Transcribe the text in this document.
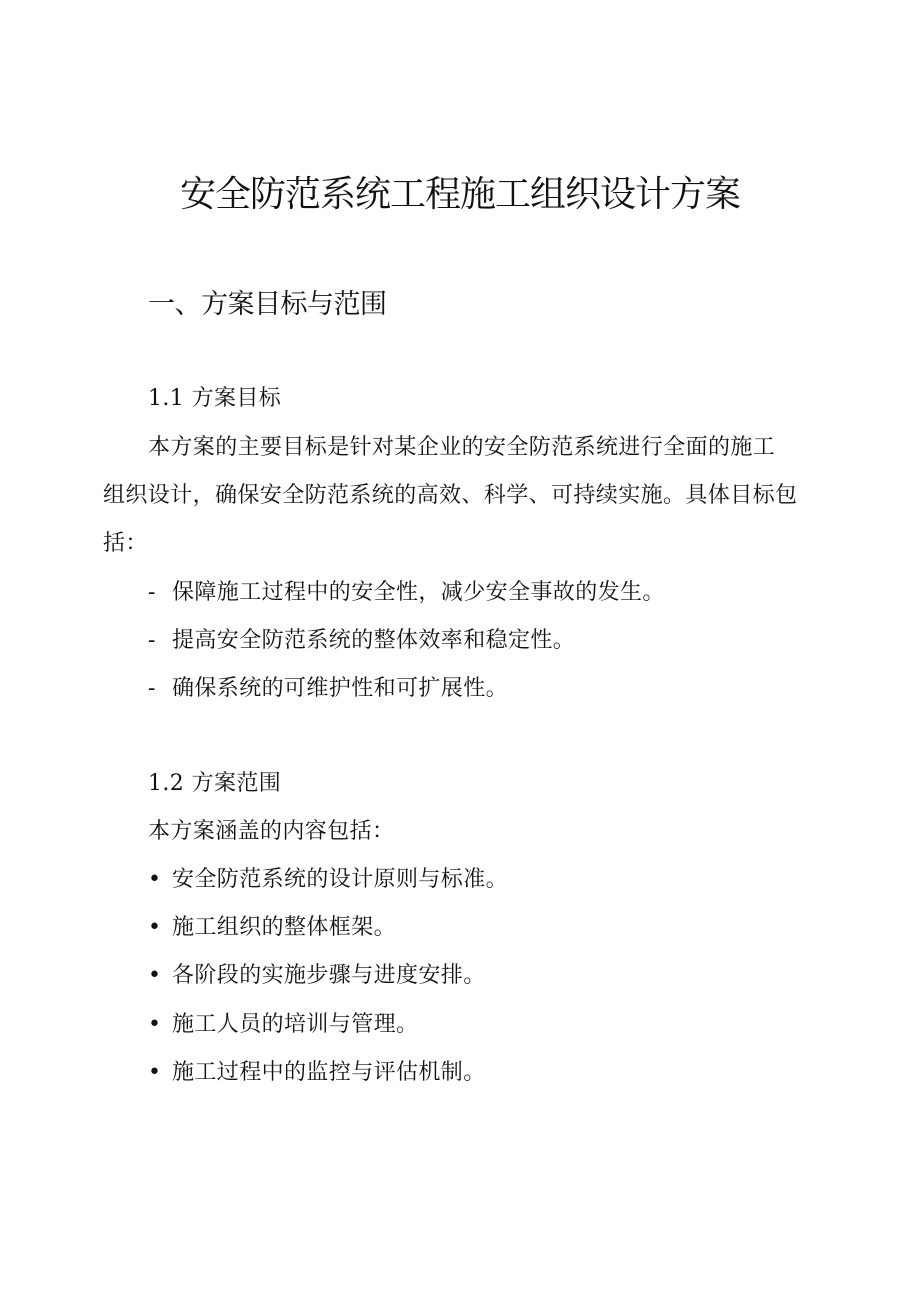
安全防范系统工程施工组织设计方案
一、方案目标与范围
1.1 方案目标
本方案的主要目标是针对某企业的安全防范系统进行全面的施工
组织设计，确保安全防范系统的高效、科学、可持续实施。具体目标包
括：
- 保障施工过程中的安全性，减少安全事故的发生。
- 提高安全防范系统的整体效率和稳定性。
- 确保系统的可维护性和可扩展性。
1.2 方案范围
本方案涵盖的内容包括：
• 安全防范系统的设计原则与标准。
• 施工组织的整体框架。
• 各阶段的实施步骤与进度安排。
• 施工人员的培训与管理。
• 施工过程中的监控与评估机制。
